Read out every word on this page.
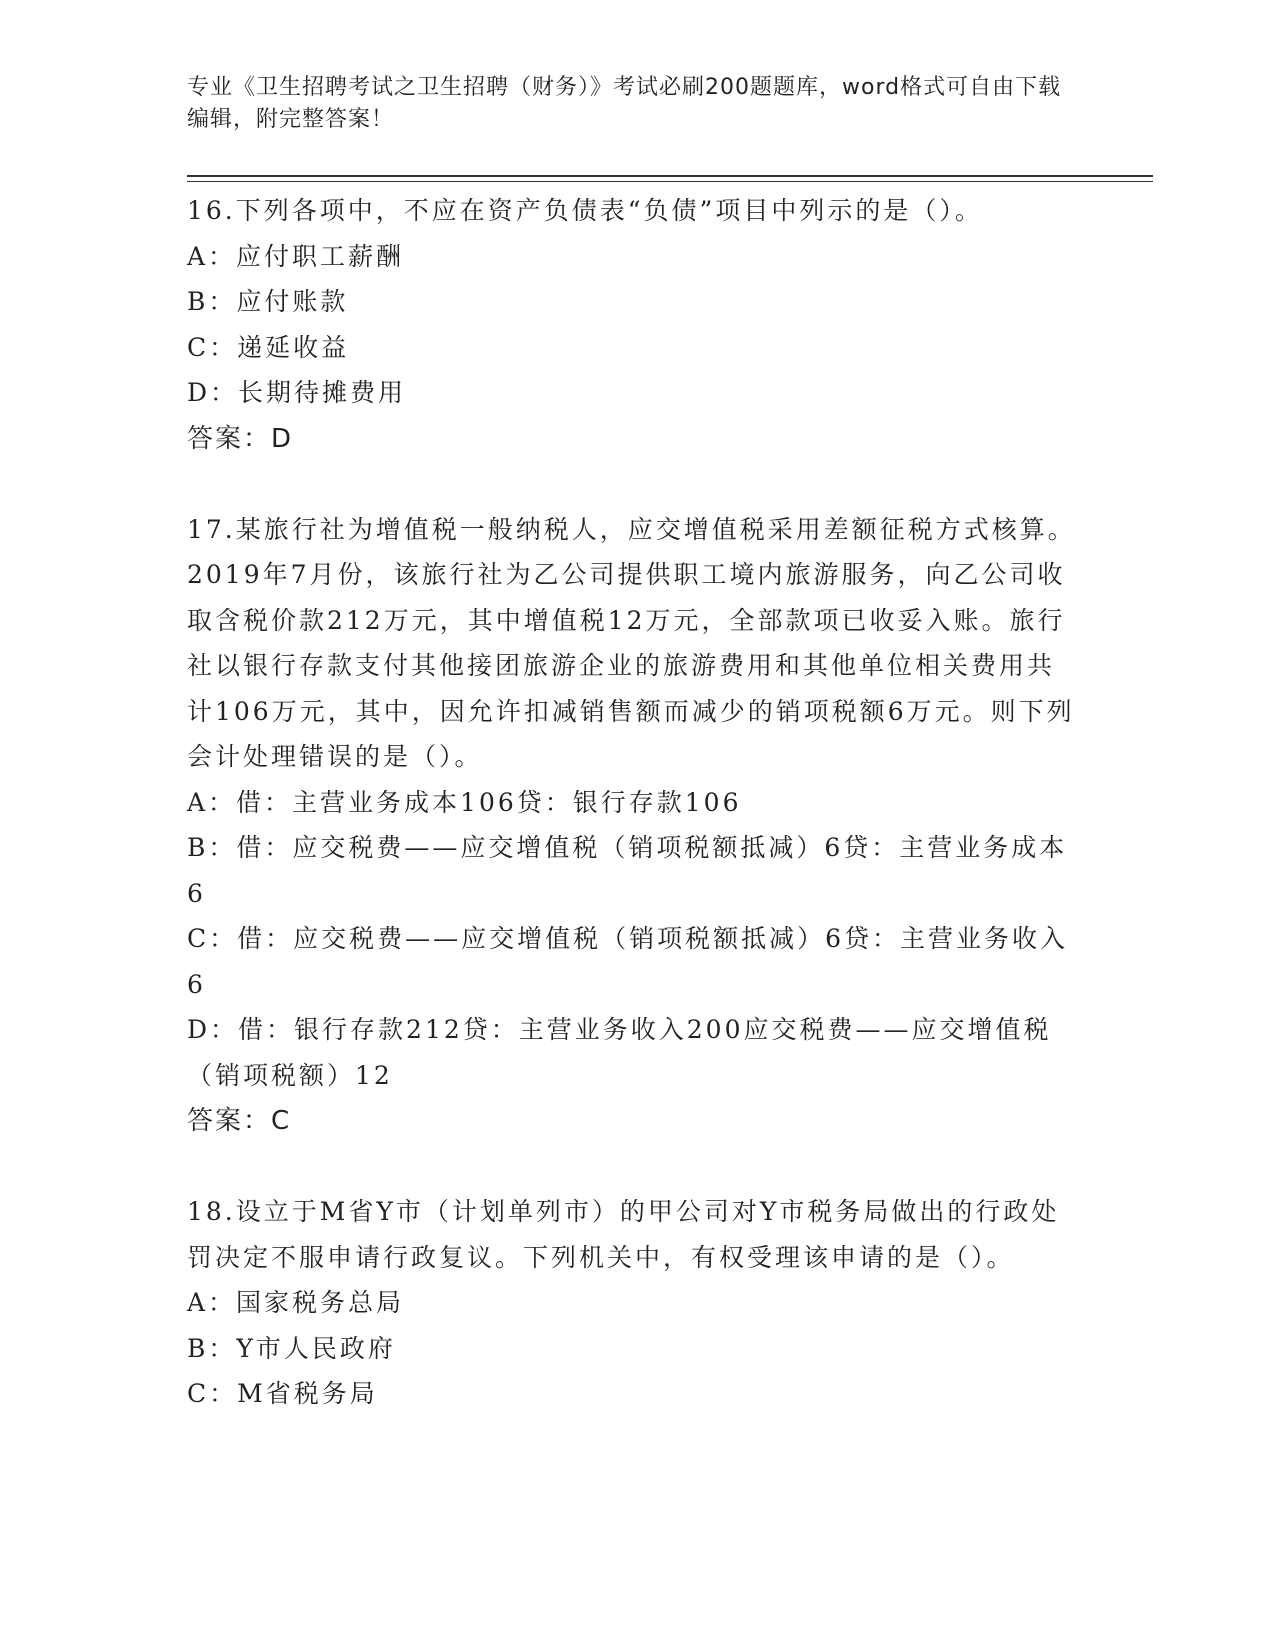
专业《卫生招聘考试之卫生招聘（财务）》考试必刷200题题库，word格式可自由下载编辑，附完整答案！

16.下列各项中，不应在资产负债表“负债”项目中列示的是（）。

A：应付职工薪酬

B：应付账款

C：递延收益

D：长期待摊费用

答案：D

17.某旅行社为增值税一般纳税人，应交增值税采用差额征税方式核算。2019年7月份，该旅行社为乙公司提供职工境内旅游服务，向乙公司收取含税价款212万元，其中增值税12万元，全部款项已收妥入账。旅行社以银行存款支付其他接团旅游企业的旅游费用和其他单位相关费用共计106万元，其中，因允许扣减销售额而减少的销项税额6万元。则下列会计处理错误的是（）。

A：借：主营业务成本106贷：银行存款106

B：借：应交税费——应交增值税（销项税额抵减）6贷：主营业务成本6

C：借：应交税费——应交增值税（销项税额抵减）6贷：主营业务收入6

D：借：银行存款212贷：主营业务收入200应交税费——应交增值税（销项税额）12

答案：C

18.设立于M省Y市（计划单列市）的甲公司对Y市税务局做出的行政处罚决定不服申请行政复议。下列机关中，有权受理该申请的是（）。

A：国家税务总局

B：Y市人民政府

C：M省税务局
